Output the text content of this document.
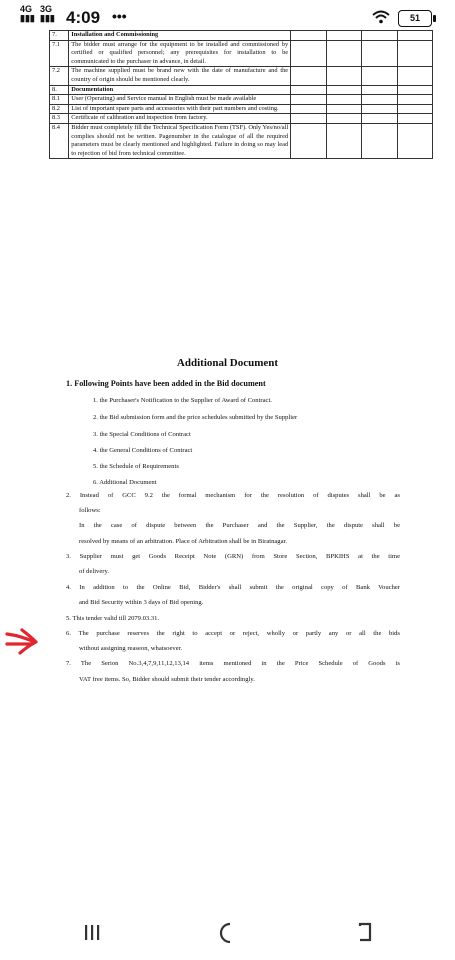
4G
▮▮▮
3G
▮▮▮ 4:09 •••	51
7.	Installation and Commissioning				
7.1	The bidder must arrange for the equipment to be installed and commissioned by certified or qualified personnel; any prerequisites for installation to be communicated to the purchaser in advance, in detail.				
7.2	The machine supplied must be brand new with the date of manufacture and the country of origin should be mentioned clearly.				
8.	Documentation				
8.1	User (Operating) and Service manual in English must be made available				
8.2	List of important spare parts and accessories with their part numbers and costing.				
8.3	Certificate of calibration and inspection from factory.				
8.4	Bidder must completely fill the Technical Specification Form (TSF). Only Yes/no/all complies should not be written. Pagenumber in the catalogue of all the required parameters must be clearly mentioned and highlighted. Failure in doing so may lead to rejection of bid from technical committee.				
Additional Document
1. Following Points have been added in the Bid document
1. the Purchaser's Notification to the Supplier of Award of Contract.
2. the Bid submission form and the price schedules submitted by the Supplier
3. the Special Conditions of Contract
4. the General Conditions of Contract
5. the Schedule of Requirements
6. Additional Document
2. Instead of GCC 9.2 the formal mechanism for the resolution of disputes shall be as
follows:
In the case of dispute between the Purchaser and the Supplier, the dispute shall be
resolved by means of an arbitration. Place of Arbitration shall be in Biratnagar.
3. Supplier must get Goods Receipt Note (GRN) from Store Section, BPKIHS at the time
of delivery.
4. In addition to the Online Bid, Bidder's shall submit the original copy of Bank Voucher
and Bid Security within 3 days of Bid opening.
5. This tender valid till 2079.03.31.
6. The purchase reserves the right to accept or reject, wholly or partly any or all the bids
without assigning reaseon, whatsoever.
7. The Serion No.3,4,7,9,11,12,13,14 items mentioned in the Price Schedule of Goods is
VAT free items. So, Bidder should submit their tender accordingly.
